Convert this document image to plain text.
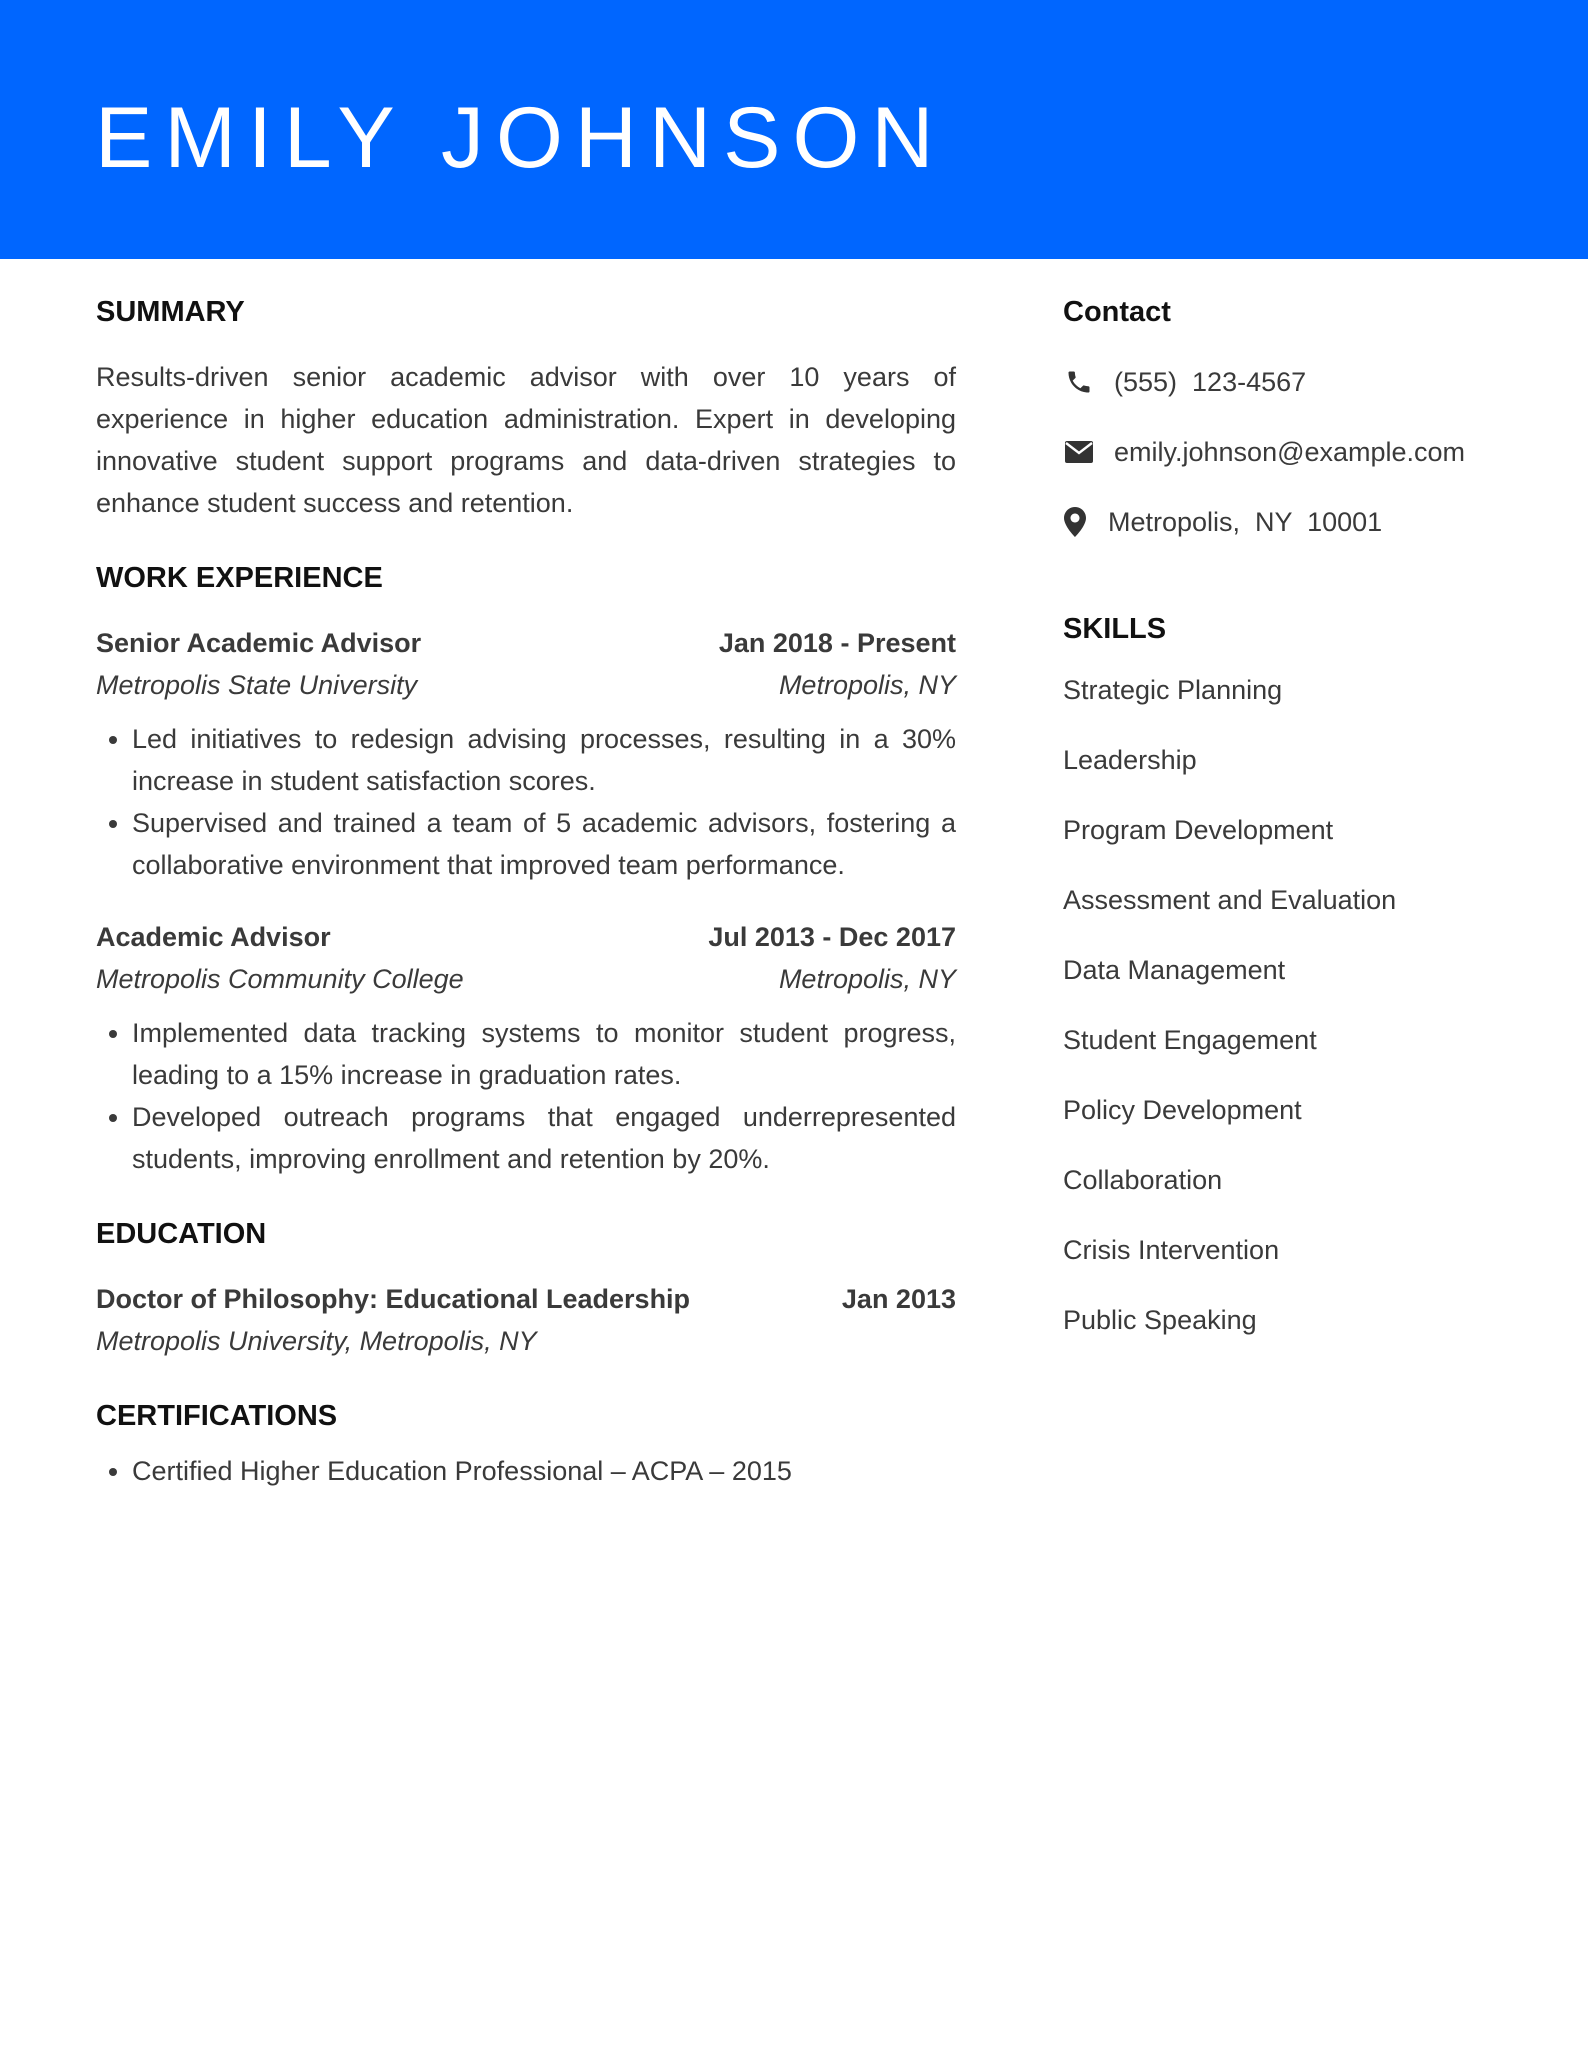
EMILY JOHNSON
SUMMARY

Results-driven senior academic advisor with over 10 years of experience in higher education administration. Expert in developing innovative student support programs and data-driven strategies to enhance student success and retention.

WORK EXPERIENCE
Senior Academic Advisor	Jan 2018 - Present
Metropolis State University	Metropolis, NY
• Led initiatives to redesign advising processes, resulting in a 30% increase in student satisfaction scores.
• Supervised and trained a team of 5 academic advisors, fostering a collaborative environment that improved team performance.
Academic Advisor	Jul 2013 - Dec 2017
Metropolis Community College	Metropolis, NY
• Implemented data tracking systems to monitor student progress, leading to a 15% increase in graduation rates.
• Developed outreach programs that engaged underrepresented students, improving enrollment and retention by 20%.
EDUCATION
Doctor of Philosophy: Educational Leadership	Jan 2013
Metropolis University, Metropolis, NY
CERTIFICATIONS
• Certified Higher Education Professional – ACPA – 2015
Contact
(555)  123-4567
emily.johnson@example.com
Metropolis,  NY  10001
SKILLS
Strategic Planning
Leadership
Program Development
Assessment and Evaluation
Data Management
Student Engagement
Policy Development
Collaboration
Crisis Intervention
Public Speaking
